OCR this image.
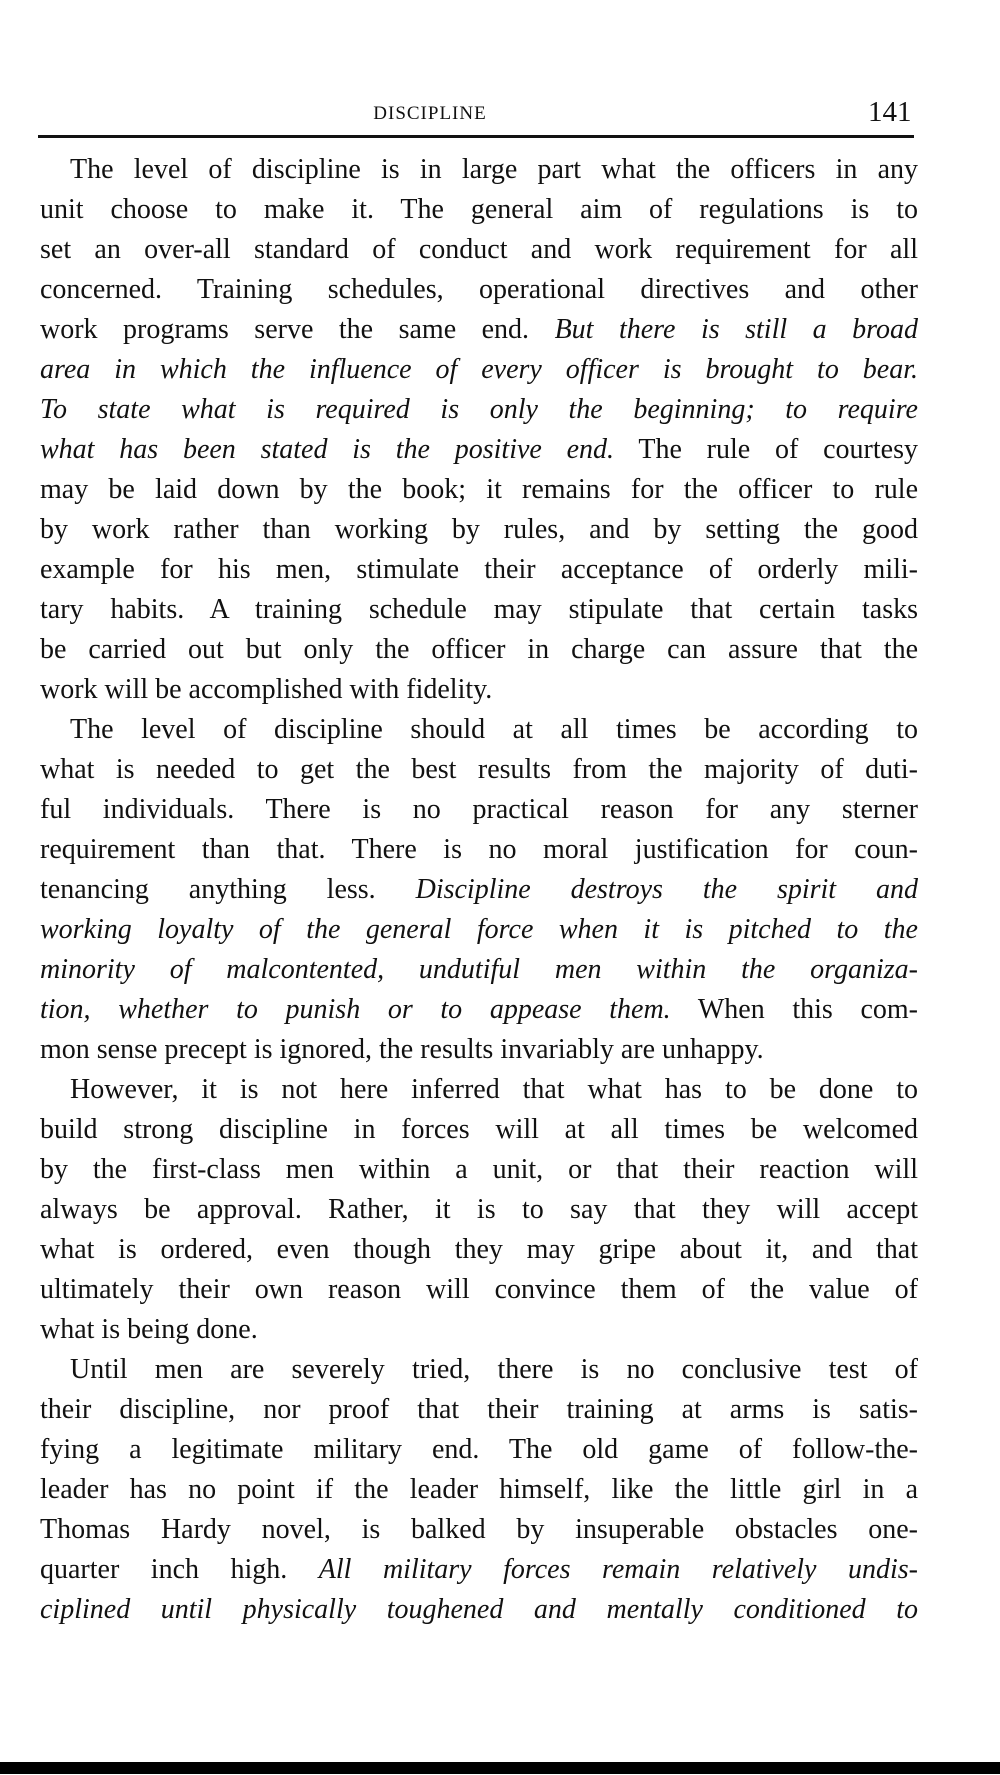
DISCIPLINE	141
The level of discipline is in large part what the officers in any
unit choose to make it. The general aim of regulations is to
set an over-all standard of conduct and work requirement for all
concerned. Training schedules, operational directives and other
work programs serve the same end. But there is still a broad
area in which the influence of every officer is brought to bear.
To state what is required is only the beginning; to require
what has been stated is the positive end. The rule of courtesy
may be laid down by the book; it remains for the officer to rule
by work rather than working by rules, and by setting the good
example for his men, stimulate their acceptance of orderly mili-
tary habits. A training schedule may stipulate that certain tasks
be carried out but only the officer in charge can assure that the
work will be accomplished with fidelity.
The level of discipline should at all times be according to
what is needed to get the best results from the majority of duti-
ful individuals. There is no practical reason for any sterner
requirement than that. There is no moral justification for coun-
tenancing anything less. Discipline destroys the spirit and
working loyalty of the general force when it is pitched to the
minority of malcontented, undutiful men within the organiza-
tion, whether to punish or to appease them. When this com-
mon sense precept is ignored, the results invariably are unhappy.
However, it is not here inferred that what has to be done to
build strong discipline in forces will at all times be welcomed
by the first-class men within a unit, or that their reaction will
always be approval. Rather, it is to say that they will accept
what is ordered, even though they may gripe about it, and that
ultimately their own reason will convince them of the value of
what is being done.
Until men are severely tried, there is no conclusive test of
their discipline, nor proof that their training at arms is satis-
fying a legitimate military end. The old game of follow-the-
leader has no point if the leader himself, like the little girl in a
Thomas Hardy novel, is balked by insuperable obstacles one-
quarter inch high. All military forces remain relatively undis-
ciplined until physically toughened and mentally conditioned to
